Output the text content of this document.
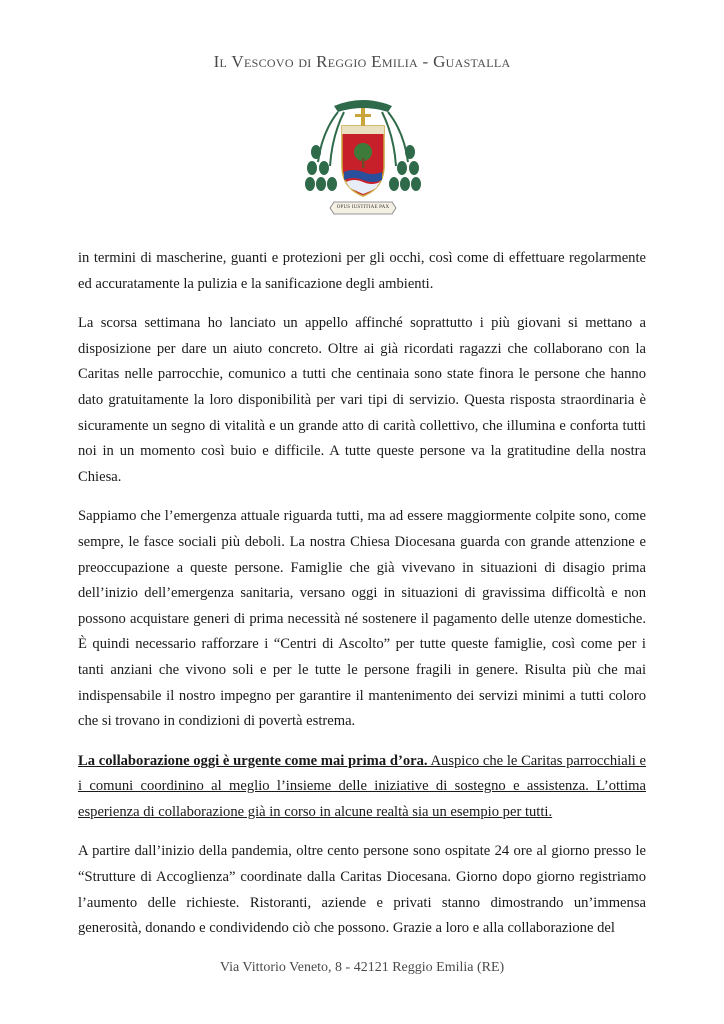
Il Vescovo di Reggio Emilia - Guastalla
OPUS IUSTITIAE PAX

in termini di mascherine, guanti e protezioni per gli occhi, così come di effettuare regolarmente ed accuratamente la pulizia e la sanificazione degli ambienti.

La scorsa settimana ho lanciato un appello affinché soprattutto i più giovani si mettano a disposizione per dare un aiuto concreto. Oltre ai già ricordati ragazzi che collaborano con la Caritas nelle parrocchie, comunico a tutti che centinaia sono state finora le persone che hanno dato gratuitamente la loro disponibilità per vari tipi di servizio. Questa risposta straordinaria è sicuramente un segno di vitalità e un grande atto di carità collettivo, che illumina e conforta tutti noi in un momento così buio e difficile. A tutte queste persone va la gratitudine della nostra Chiesa.

Sappiamo che l’emergenza attuale riguarda tutti, ma ad essere maggiormente colpite sono, come sempre, le fasce sociali più deboli. La nostra Chiesa Diocesana guarda con grande attenzione e preoccupazione a queste persone. Famiglie che già vivevano in situazioni di disagio prima dell’inizio dell’emergenza sanitaria, versano oggi in situazioni di gravissima difficoltà e non possono acquistare generi di prima necessità né sostenere il pagamento delle utenze domestiche. È quindi necessario rafforzare i “Centri di Ascolto” per tutte queste famiglie, così come per i tanti anziani che vivono soli e per le tutte le persone fragili in genere. Risulta più che mai indispensabile il nostro impegno per garantire il mantenimento dei servizi minimi a tutti coloro che si trovano in condizioni di povertà estrema.

La collaborazione oggi è urgente come mai prima d’ora. Auspico che le Caritas parrocchiali e i comuni coordinino al meglio l’insieme delle iniziative di sostegno e assistenza. L’ottima esperienza di collaborazione già in corso in alcune realtà sia un esempio per tutti.

A partire dall’inizio della pandemia, oltre cento persone sono ospitate 24 ore al giorno presso le “Strutture di Accoglienza” coordinate dalla Caritas Diocesana. Giorno dopo giorno registriamo l’aumento delle richieste. Ristoranti, aziende e privati stanno dimostrando un’immensa generosità, donando e condividendo ciò che possono. Grazie a loro e alla collaborazione del

Via Vittorio Veneto, 8 - 42121 Reggio Emilia (RE)
